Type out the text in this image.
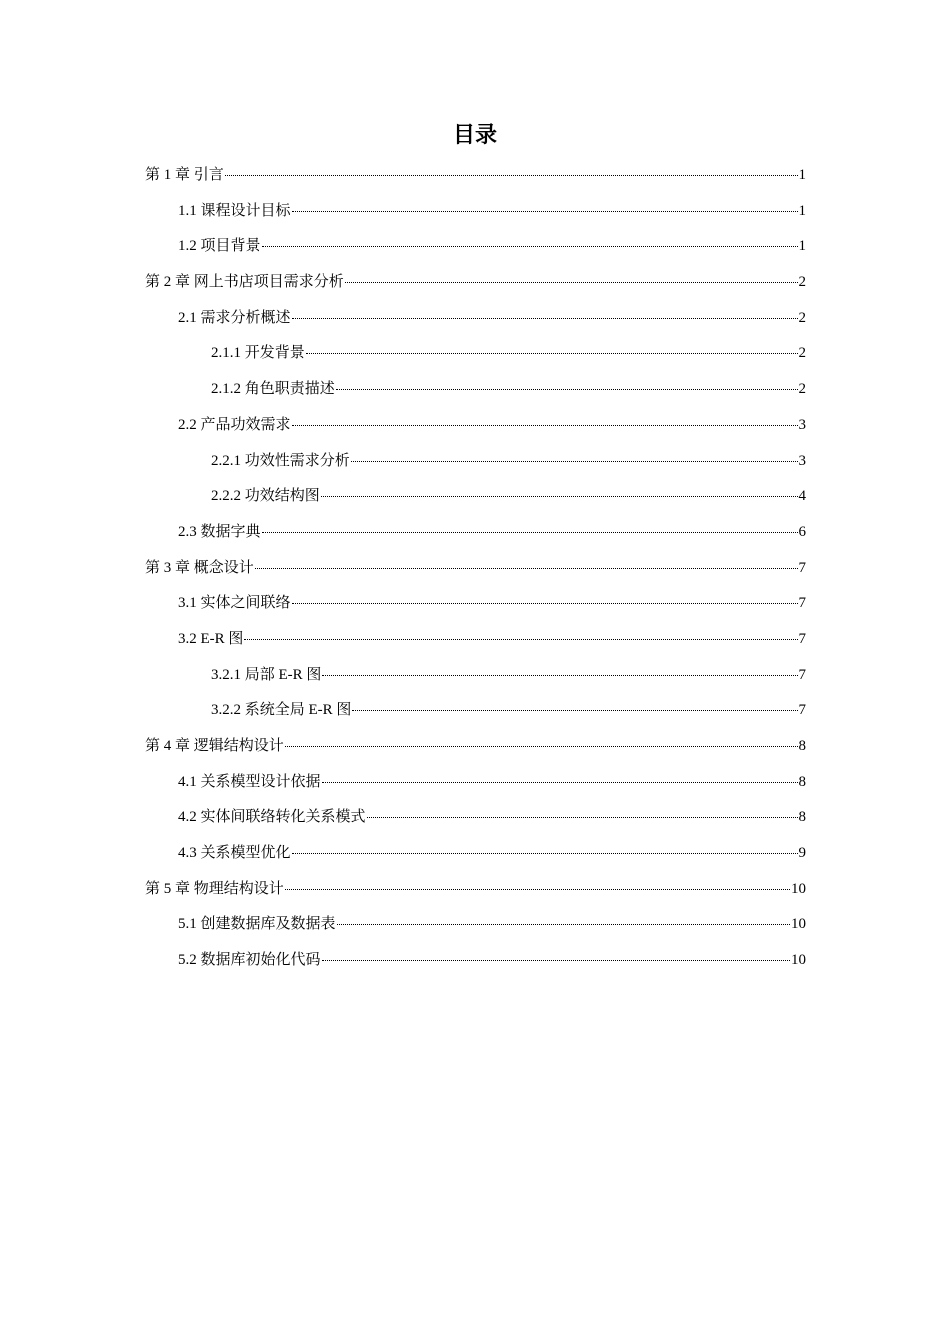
目录
第 1 章 引言	1
1.1 课程设计目标	1
1.2 项目背景	1
第 2 章 网上书店项目需求分析	2
2.1 需求分析概述	2
2.1.1 开发背景	2
2.1.2 角色职责描述	2
2.2 产品功效需求	3
2.2.1 功效性需求分析	3
2.2.2 功效结构图	4
2.3 数据字典	6
第 3 章 概念设计	7
3.1 实体之间联络	7
3.2 E-R 图	7
3.2.1 局部 E-R 图	7
3.2.2 系统全局 E-R 图	7
第 4 章 逻辑结构设计	8
4.1 关系模型设计依据	8
4.2 实体间联络转化关系模式	8
4.3 关系模型优化	9
第 5 章 物理结构设计	10
5.1 创建数据库及数据表	10
5.2 数据库初始化代码	10
